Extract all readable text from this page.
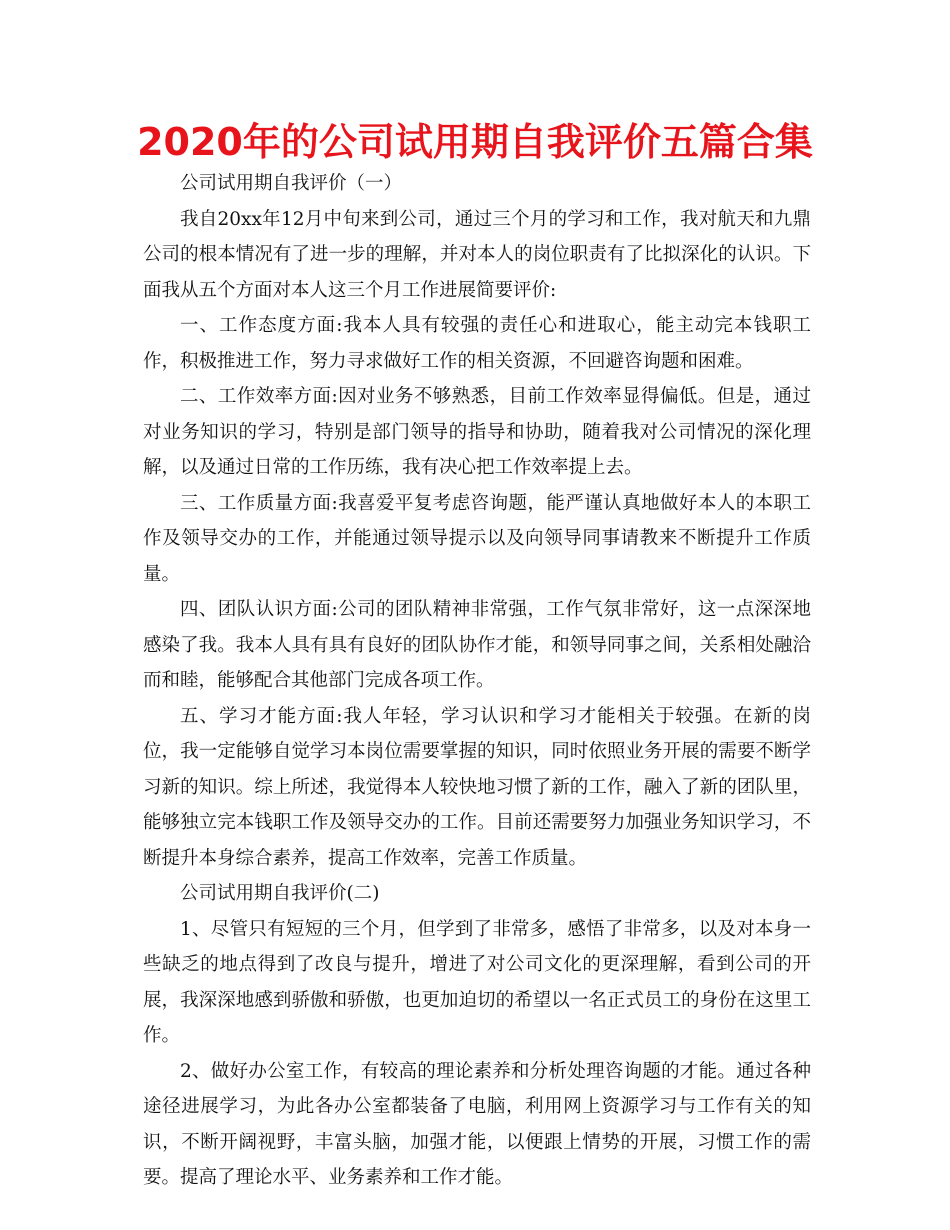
2020年的公司试用期自我评价五篇合集

公司试用期自我评价（一）

我自20xx年12月中旬来到公司，通过三个月的学习和工作，我对航天和九鼎公司的根本情况有了进一步的理解，并对本人的岗位职责有了比拟深化的认识。下面我从五个方面对本人这三个月工作进展简要评价:

一、工作态度方面:我本人具有较强的责任心和进取心，能主动完本钱职工作，积极推进工作，努力寻求做好工作的相关资源，不回避咨询题和困难。

二、工作效率方面:因对业务不够熟悉，目前工作效率显得偏低。但是，通过对业务知识的学习，特别是部门领导的指导和协助，随着我对公司情况的深化理解，以及通过日常的工作历练，我有决心把工作效率提上去。

三、工作质量方面:我喜爱平复考虑咨询题，能严谨认真地做好本人的本职工作及领导交办的工作，并能通过领导提示以及向领导同事请教来不断提升工作质量。

四、团队认识方面:公司的团队精神非常强，工作气氛非常好，这一点深深地感染了我。我本人具有具有良好的团队协作才能，和领导同事之间，关系相处融洽而和睦，能够配合其他部门完成各项工作。

五、学习才能方面:我人年轻，学习认识和学习才能相关于较强。在新的岗位，我一定能够自觉学习本岗位需要掌握的知识，同时依照业务开展的需要不断学习新的知识。综上所述，我觉得本人较快地习惯了新的工作，融入了新的团队里，能够独立完本钱职工作及领导交办的工作。目前还需要努力加强业务知识学习，不断提升本身综合素养，提高工作效率，完善工作质量。

公司试用期自我评价(二)

1、尽管只有短短的三个月，但学到了非常多，感悟了非常多，以及对本身一些缺乏的地点得到了改良与提升，增进了对公司文化的更深理解，看到公司的开展，我深深地感到骄傲和骄傲，也更加迫切的希望以一名正式员工的身份在这里工作。

2、做好办公室工作，有较高的理论素养和分析处理咨询题的才能。通过各种途径进展学习，为此各办公室都装备了电脑，利用网上资源学习与工作有关的知识，不断开阔视野，丰富头脑，加强才能，以便跟上情势的开展，习惯工作的需要。提高了理论水平、业务素养和工作才能。
